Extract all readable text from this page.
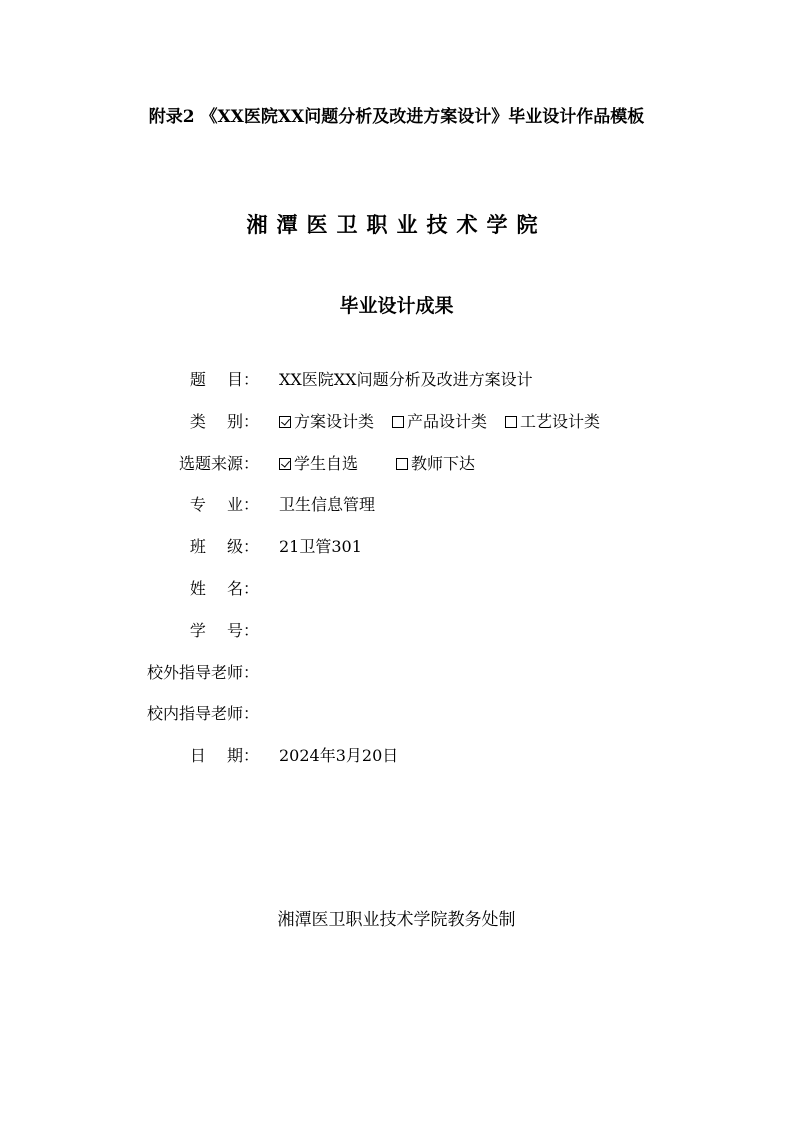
附录2 《XX医院XX问题分析及改进方案设计》毕业设计作品模板
湘潭医卫职业技术学院
毕业设计成果
题　 目： XX医院XX问题分析及改进方案设计
类　 别：	方案设计类 产品设计类 工艺设计类
选题来源：	学生自选	教师下达
专　 业： 卫生信息管理
班　 级： 21卫管301
姓　 名：
学　 号：
校外指导老师：
校内指导老师：
日　 期： 2024年3月20日
湘潭医卫职业技术学院教务处制
